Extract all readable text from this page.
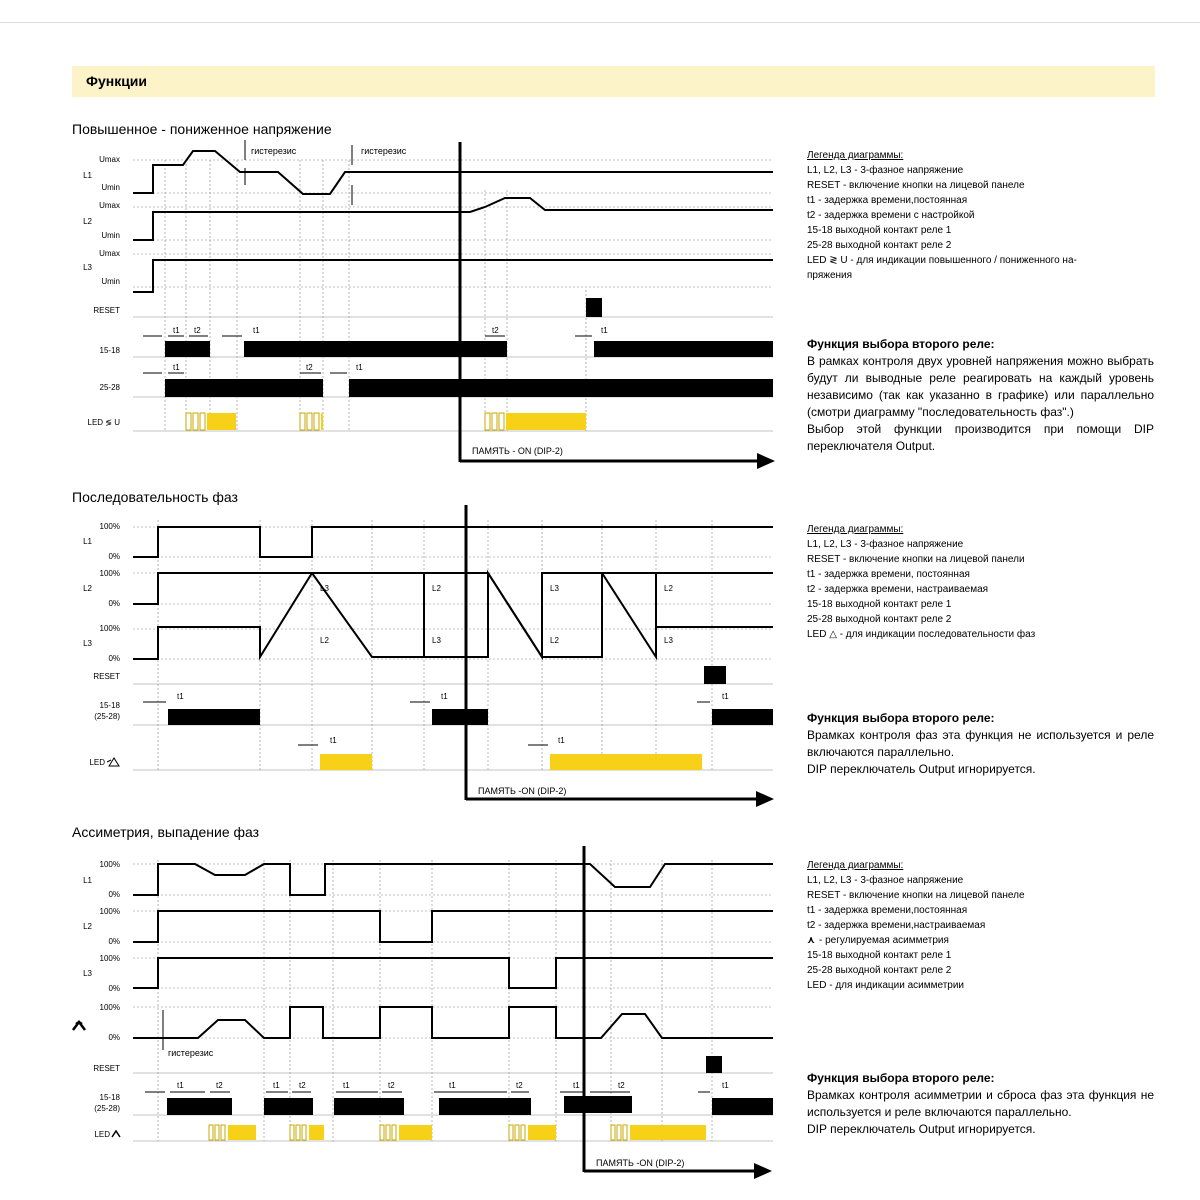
Функции
Повышенное - пониженное напряжение
Umax
L1
Umin
Umax
L2
Umin
Umax
L3
Umin
RESET
15-18
25-28
LED ≶ U
гистерезис	гистерезис
ПАМЯТЬ - ON (DIP-2)
t1 t2	t1	t2	t1
t1	t2	t1
Легенда диаграммы:
L1, L2, L3 - 3-фазное напряжение
RESET - включение кнопки на лицевой панеле
t1 - задержка времени,постоянная
t2 - задержка времени с настройкой
15-18 выходной контакт реле 1
25-28 выходной контакт реле 2
LED ≷ U - для индикации повышенного / пониженного на-
пряжения
Функция выбора второго реле:

В рамках контроля двух уровней напряжения можно выбрать будут ли выводные реле реагировать на каждый уровень независимо (так как указанно в графике) или параллельно (смотри диаграмму "последовательность фаз".)

Выбор этой функции производится при помощи DIP переключателя Output.

Последовательность фаз
100%
L1
0%
100%
L2
0%
100%
L3
0%
RESET
15-18
(25-28)
LED
L3	L2	L3	L2
L2	L3	L2	L3
t1	t1	t1
t1	t1
ПАМЯТЬ -ON (DIP-2)
Легенда диаграммы:
L1, L2, L3 - 3-фазное напряжение
RESET - включение кнопки на лицевой панели
t1 - задержка времени, постоянная
t2 - задержка времени, настраиваемая
15-18 выходной контакт реле 1
25-28 выходной контакт реле 2
LED △ - для индикации последовательности фаз
Функция выбора второго реле:

Врамках контроля фаз эта функция не используется и реле включаются параллельно.

DIP переключатель Output игнорируется.

Ассиметрия, выпадение фаз
100%
L1
0%
100%
L2
0%
100%
L3
0%
100%
0%
RESET
15-18
(25-28)
LED
гистерезис
ПАМЯТЬ -ON (DIP-2)
t1	t2	t1 t2	t1	t2	t1	t2	t1	t2	t1
Легенда диаграммы:
L1, L2, L3 - 3-фазное напряжение
RESET - включение кнопки на лицевой панеле
t1 - задержка времени,постоянная
t2 - задержка времени,настраиваемая
⋏ - регулируемая асимметрия
15-18 выходной контакт реле 1
25-28 выходной контакт реле 2
LED - для индикации асимметрии
Функция выбора второго реле:

Врамках контроля асимметрии и сброса фаз эта функция не используется и реле включаются параллельно.

DIP переключатель Output игнорируется.
